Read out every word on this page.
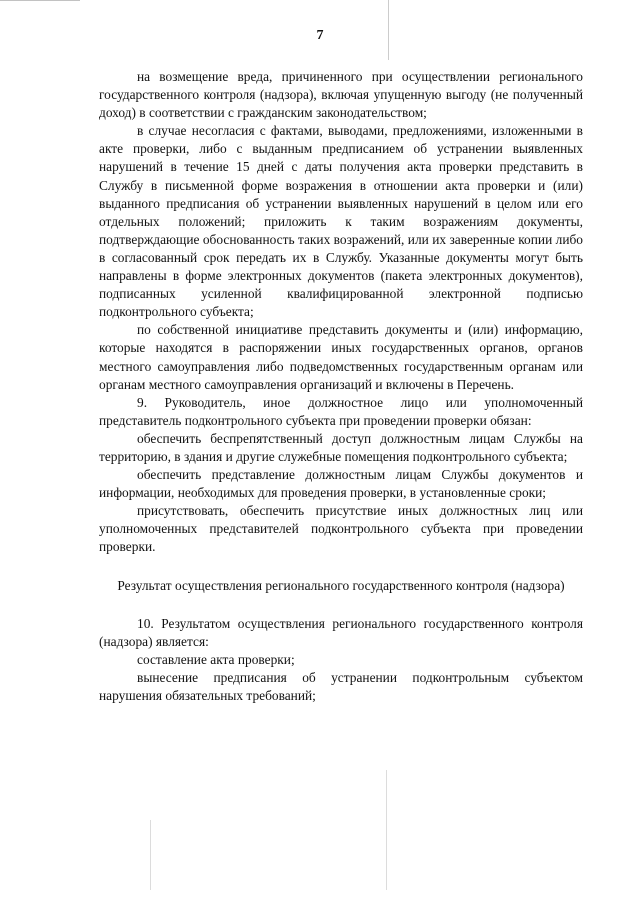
7

на возмещение вреда, причиненного при осуществлении регионального государственного контроля (надзора), включая упущенную выгоду (не полученный доход) в соответствии с гражданским законодательством;

в случае несогласия с фактами, выводами, предложениями, изложенными в акте проверки, либо с выданным предписанием об устранении выявленных нарушений в течение 15 дней с даты получения акта проверки представить в Службу в письменной форме возражения в отношении акта проверки и (или) выданного предписания об устранении выявленных нарушений в целом или его отдельных положений; приложить к таким возражениям документы, подтверждающие обоснованность таких возражений, или их заверенные копии либо в согласованный срок передать их в Службу. Указанные документы могут быть направлены в форме электронных документов (пакета электронных документов), подписанных усиленной квалифицированной электронной подписью подконтрольного субъекта;

по собственной инициативе представить документы и (или) информацию, которые находятся в распоряжении иных государственных органов, органов местного самоуправления либо подведомственных государственным органам или органам местного самоуправления организаций и включены в Перечень.

9. Руководитель, иное должностное лицо или уполномоченный представитель подконтрольного субъекта при проведении проверки обязан:

обеспечить беспрепятственный доступ должностным лицам Службы на территорию, в здания и другие служебные помещения подконтрольного субъекта;

обеспечить представление должностным лицам Службы документов и информации, необходимых для проведения проверки, в установленные сроки;

присутствовать, обеспечить присутствие иных должностных лиц или уполномоченных представителей подконтрольного субъекта при проведении проверки.

Результат осуществления регионального государственного контроля (надзора)

10. Результатом осуществления регионального государственного контроля (надзора) является:

составление акта проверки;

вынесение предписания об устранении подконтрольным субъектом нарушения обязательных требований;
